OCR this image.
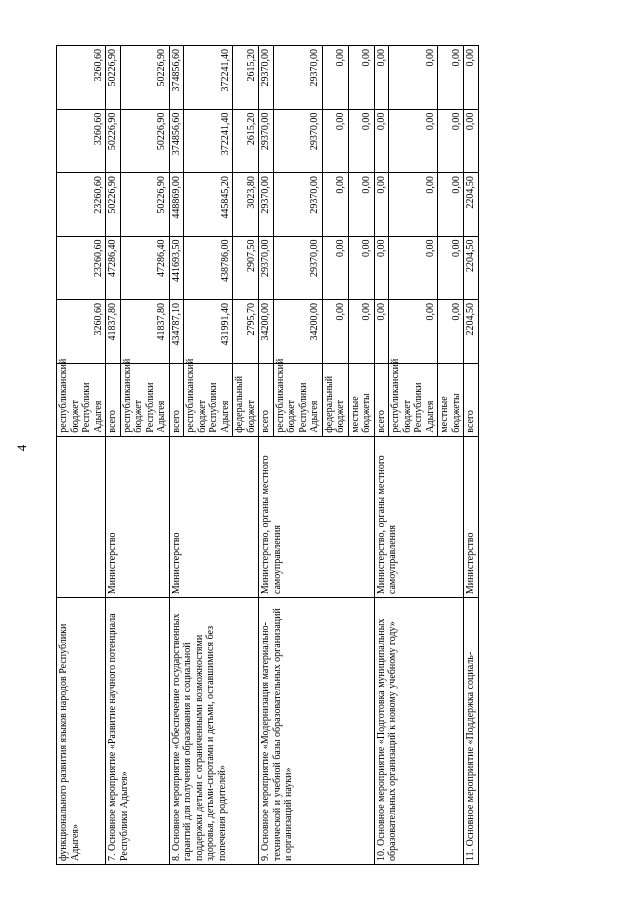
4
функционального развития языков народов Республики Адыгея»		республиканский бюджет Республики Адыгея	3260,60	23260,60	23260,60	3260,60	3260,60
7. Основное мероприятие «Развитие научного потенциала Республики Адыгея»	Министерство	всего	41837,80	47286,40	50226,90	50226,90	50226,90
		республиканский бюджет Республики Адыгея	41837,80	47286,40	50226,90	50226,90	50226,90
8. Основное мероприятие «Обеспечение государственных гарантий для получения образования и социальной поддержки детьми с ограниченными возможностями здоровья, детьми-сиротами и детьми, оставшимися без попечения родителей»	Министерство	всего	434787,10	441693,50	448869,00	374856,60	374856,60
		республиканский бюджет Республики Адыгея	431991,40	438786,00	445845,20	372241,40	372241,40
		федеральный бюджет	2795,70	2907,50	3023,80	2615,20	2615,20
9. Основное мероприятие «Модернизация материально-технической и учебной базы образовательных организаций и организаций науки»	Министерство, органы местного самоуправления	всего	34200,00	29370,00	29370,00	29370,00	29370,00
		республиканский бюджет Республики Адыгея	34200,00	29370,00	29370,00	29370,00	29370,00
		федеральный бюджет	0,00	0,00	0,00	0,00	0,00
		местные бюджеты	0,00	0,00	0,00	0,00	0,00
10. Основное мероприятие «Подготовка муниципальных образовательных организаций к новому учебному году»	Министерство, органы местного самоуправления	всего	0,00	0,00	0,00	0,00	0,00
		республиканский бюджет Республики Адыгея	0,00	0,00	0,00	0,00	0,00
		местные бюджеты	0,00	0,00	0,00	0,00	0,00
11. Основное мероприятие «Поддержка социаль-	Министерство	всего	2204,50	2204,50	2204,50	0,00	0,00
